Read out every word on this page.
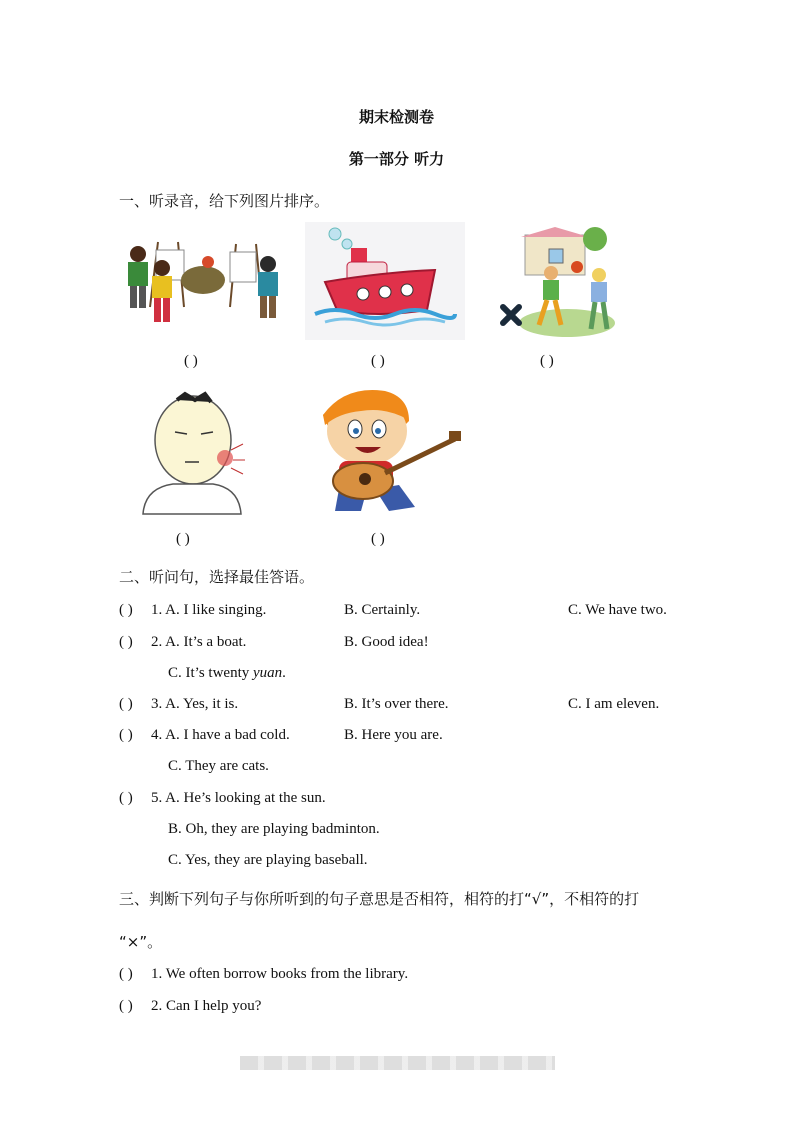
期末检测卷
第一部分 听力
一、听录音，给下列图片排序。
( )	( )	( )
( )	( )
二、听问句，选择最佳答语。
( ) 1. A. I like singing.	B. Certainly.	C. We have two.
( ) 2. A. It’s a boat.	B. Good idea!
C. It’s twenty yuan.
( ) 3. A. Yes, it is.	B. It’s over there.	C. I am eleven.
( ) 4. A. I have a bad cold.	B. Here you are.
C. They are cats.
( ) 5. A. He’s looking at the sun.
B. Oh, they are playing badminton.
C. Yes, they are playing baseball.
三、判断下列句子与你所听到的句子意思是否相符，相符的打“√”，不相符的打
“×”。
( ) 1. We often borrow books from the library.
( ) 2. Can I help you?
